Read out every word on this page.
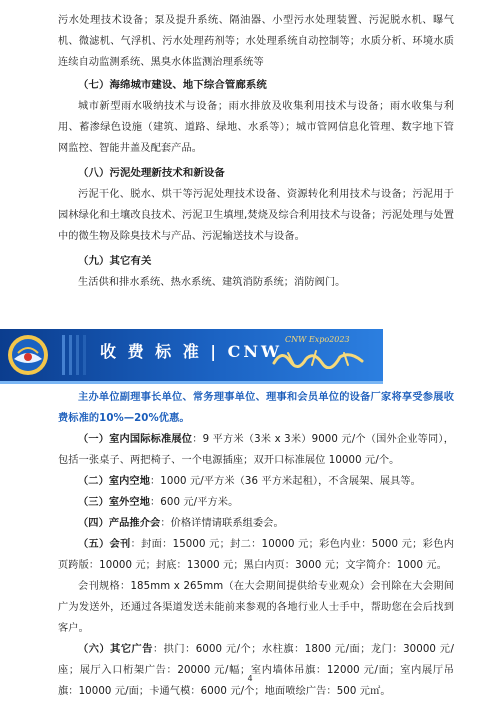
污水处理技术设备；泵及提升系统、隔油器、小型污水处理装置、污泥脱水机、曝气机、微滤机、气浮机、污水处理药剂等；水处理系统自动控制等；水质分析、环境水质连续自动监测系统、黑臭水体监测治理系统等

（七）海绵城市建设、地下综合管廊系统

城市新型雨水吸纳技术与设备；雨水排放及收集利用技术与设备；雨水收集与利用、蓄渗绿色设施（建筑、道路、绿地、水系等）；城市管网信息化管理、数字地下管网监控、智能井盖及配套产品。

（八）污泥处理新技术和新设备

污泥干化、脱水、烘干等污泥处理技术设备、资源转化利用技术与设备；污泥用于园林绿化和土壤改良技术、污泥卫生填埋,焚烧及综合利用技术与设备；污泥处理与处置中的微生物及除臭技术与产品、污泥输送技术与设备。

（九）其它有关

生活供和排水系统、热水系统、建筑消防系统；消防阀门。

收 费 标 准 | CNW
CNW Expo2023

主办单位副理事长单位、常务理事单位、理事和会员单位的设备厂家将享受参展收费标准的10%—20%优惠。

（一）室内国际标准展位：9 平方米（3米 x 3米）9000 元/个（国外企业等同），包括一张桌子、两把椅子、一个电源插座；双开口标准展位 10000 元/个。

（二）室内空地：1000 元/平方米（36 平方米起租），不含展架、展具等。

（三）室外空地：600 元/平方米。

（四）产品推介会：价格详情请联系组委会。

（五）会刊：封面：15000 元；封二：10000 元；彩色内业：5000 元；彩色内页跨版：10000 元；封底：13000 元；黑白内页：3000 元；文字简介：1000 元。

会刊规格：185mm x 265mm（在大会期间提供给专业观众）会刊除在大会期间广为发送外，还通过各渠道发送未能前来参观的各地行业人士手中，帮助您在会后找到客户。

（六）其它广告：拱门：6000 元/个；水柱旗：1800 元/面；龙门：30000 元/座；展厅入口桁架广告：20000 元/幅；室内墙体吊旗：12000 元/面；室内展厅吊旗：10000 元/面；卡通气模：6000 元/个；地面喷绘广告：500 元㎡。

4
